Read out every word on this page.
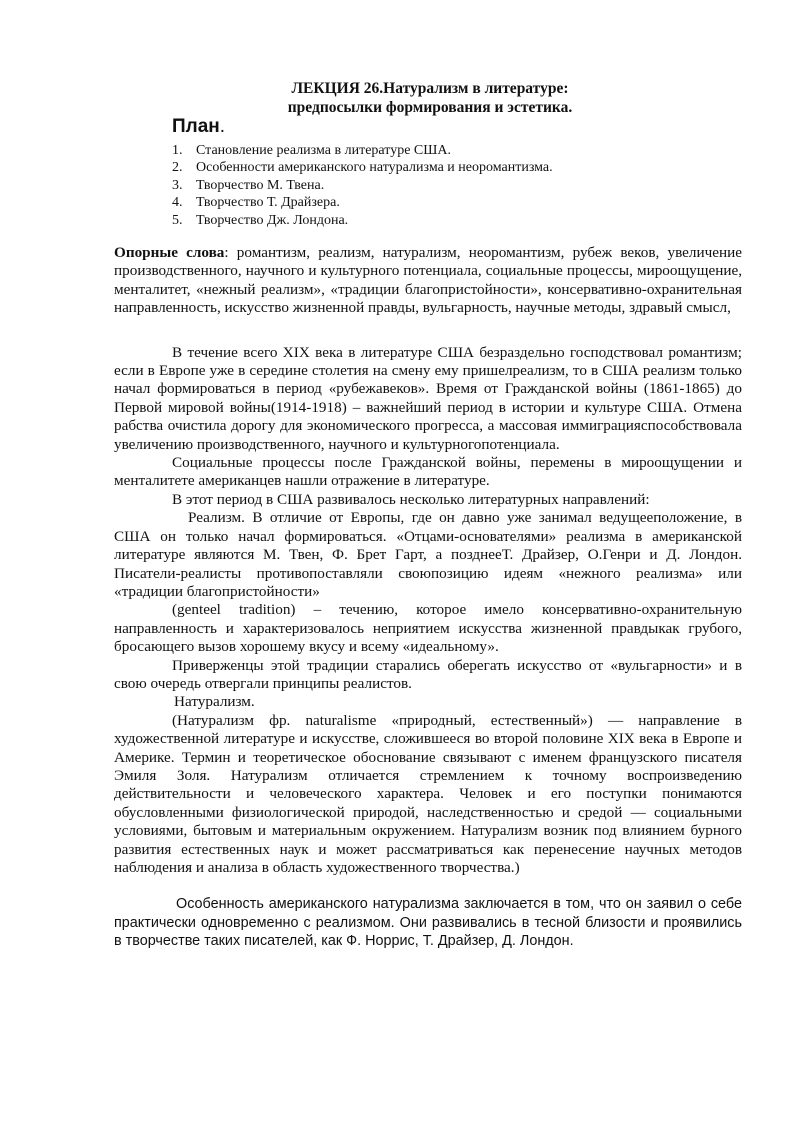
ЛЕКЦИЯ 26.Натурализм в литературе:
предпосылки формирования и эстетика.
План.
1. Становление реализма в литературе США.
2. Особенности американского натурализма и неоромантизма.
3. Творчество М. Твена.
4. Творчество Т. Драйзера.
5. Творчество Дж. Лондона.

Опорные слова: романтизм, реализм, натурализм, неоромантизм, рубеж веков, увеличение производственного, научного и культурного потенциала, социальные процессы, мироощущение, менталитет, «нежный реализм», «традиции благопристойности», консервативно-охранительная направленность, искусство жизненной правды, вульгарность, научные методы, здравый смысл,

В течение всего XIX века в литературе США безраздельно господствовал романтизм; если в Европе уже в середине столетия на смену ему пришелреализм, то в США реализм только начал формироваться в период «рубежавеков». Время от Гражданской войны (1861-1865) до Первой мировой войны(1914-1918) – важнейший период в истории и культуре США. Отмена рабства очистила дорогу для экономического прогресса, а массовая иммиграцияспособствовала увеличению производственного, научного и культурногопотенциала.

Социальные процессы после Гражданской войны, перемены в мироощущении и менталитете американцев нашли отражение в литературе.

В этот период в США развивалось несколько литературных направлений:

Реализм. В отличие от Европы, где он давно уже занимал ведущееположение, в США он только начал формироваться. «Отцами-основателями» реализма в американской литературе являются М. Твен, Ф. Брет Гарт, а позднееТ. Драйзер, О.Генри и Д. Лондон. Писатели-реалисты противопоставляли своюпозицию идеям «нежного реализма» или «традиции благопристойности»

(genteel tradition) – течению, которое имело консервативно-охранительную направленность и характеризовалось неприятием искусства жизненной правдыкак грубого, бросающего вызов хорошему вкусу и всему «идеальному».

Приверженцы этой традиции старались оберегать искусство от «вульгарности» и в свою очередь отвергали принципы реалистов.

Натурализм.

(Натурализм фр. naturalisme «природный, естественный») — направление в художественной литературе и искусстве, сложившееся во второй половине XIX века в Европе и Америке. Термин и теоретическое обоснование связывают с именем французского писателя Эмиля Золя. Натурализм отличается стремлением к точному воспроизведению действительности и человеческого характера. Человек и его поступки понимаются обусловленными физиологической природой, наследственностью и средой — социальными условиями, бытовым и материальным окружением. Натурализм возник под влиянием бурного развития естественных наук и может рассматриваться как перенесение научных методов наблюдения и анализа в область художественного творчества.)

Особенность американского натурализма заключается в том, что он заявил о себе практически одновременно с реализмом. Они развивались в тесной близости и проявились в творчестве таких писателей, как Ф. Норрис, Т. Драйзер, Д. Лондон.
